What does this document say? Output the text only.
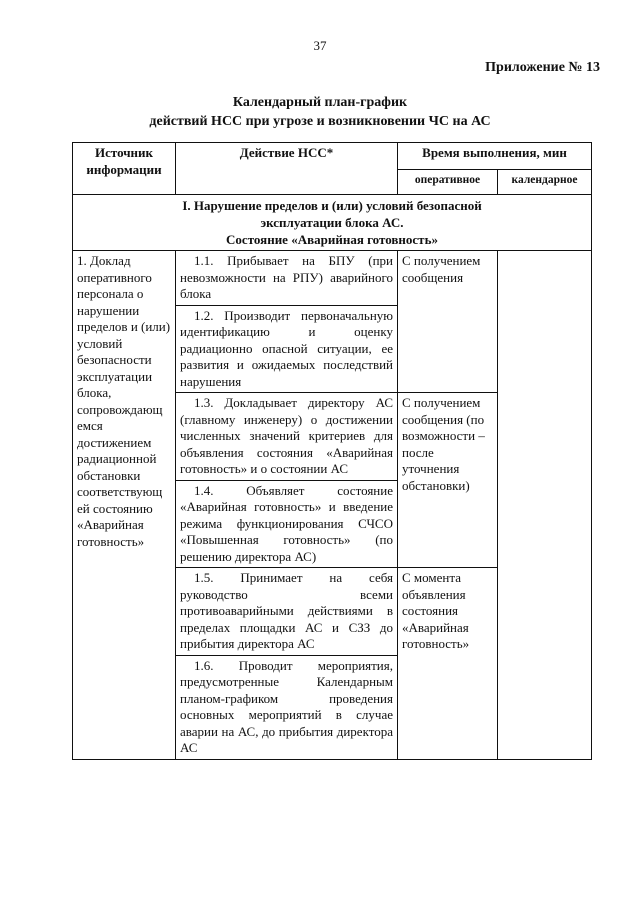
37
Приложение № 13
Календарный план-график
действий НСС при угрозе и возникновении ЧС на АС
Источник информации	Действие НСС*	Время выполнения, мин	
		оперативное	календарное

I. Нарушение пределов и (или) условий безопасной
эксплуатации блока АС.
Состояние «Аварийная готовность»			

1. Доклад оперативного персонала о нарушении пределов и (или) условий безопасности эксплуатации блока, сопровождающ емся достижением радиационной обстановки соответствующ ей состоянию «Аварийная готовность»	1.1. Прибывает на БПУ (при невозможности на РПУ) аварийного блока	С получением сообщения	

	1.2. Производит первоначальную идентификацию и оценку радиационно опасной ситуации, ее развития и ожидаемых последствий нарушения		

	1.3. Докладывает директору АС (главному инженеру) о достижении численных значений критериев для объявления состояния «Аварийная готовность» и о состоянии АС	С получением сообщения (по возможности – после уточнения обстановки)	

	1.4. Объявляет состояние «Аварийная готовность» и введение режима функционирования СЧСО «Повышенная готовность» (по решению директора АС)		

	1.5. Принимает на себя руководство всеми противоаварийными действиями в пределах площадки АС и СЗЗ до прибытия директора АС	С момента объявления состояния «Аварийная готовность»	

	1.6. Проводит мероприятия, предусмотренные Календарным планом-графиком проведения основных мероприятий в случае аварии на АС, до прибытия директора АС		
